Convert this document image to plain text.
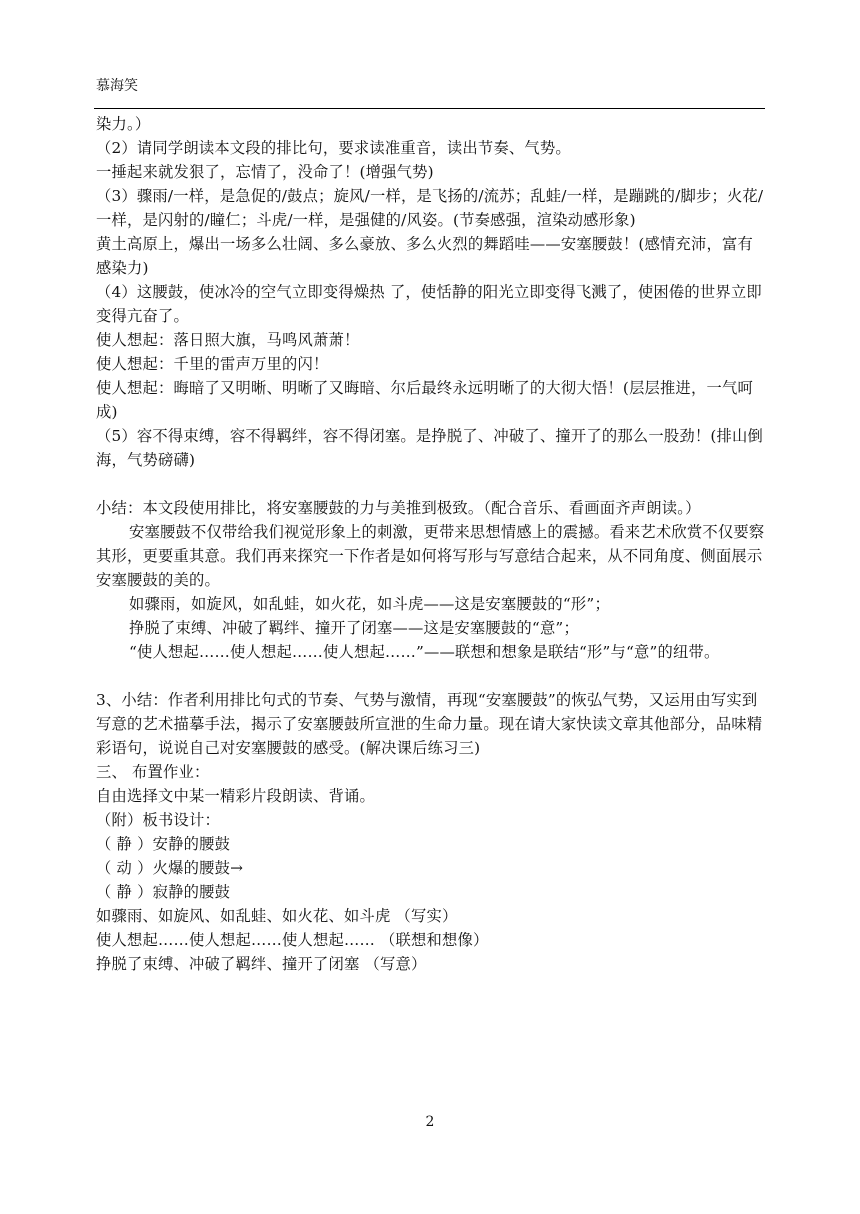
慕海笑

染力。）

（2）请同学朗读本文段的排比句，要求读准重音，读出节奏、气势。

一捶起来就发狠了，忘情了，没命了！(增强气势)

（3）骤雨/一样，是急促的/鼓点；旋风/一样，是飞扬的/流苏；乱蛙/一样，是蹦跳的/脚步；火花/一样，是闪射的/瞳仁；斗虎/一样，是强健的/风姿。(节奏感强，渲染动感形象)

黄土高原上，爆出一场多么壮阔、多么豪放、多么火烈的舞蹈哇——安塞腰鼓！(感情充沛，富有感染力)

（4）这腰鼓，使冰冷的空气立即变得燥热 了，使恬静的阳光立即变得飞溅了，使困倦的世界立即变得亢奋了。

使人想起：落日照大旗，马鸣风萧萧！

使人想起：千里的雷声万里的闪！

使人想起：晦暗了又明晰、明晰了又晦暗、尔后最终永远明晰了的大彻大悟！(层层推进，一气呵成)

（5）容不得束缚，容不得羁绊，容不得闭塞。是挣脱了、冲破了、撞开了的那么一股劲！(排山倒海，气势磅礴)

小结：本文段使用排比，将安塞腰鼓的力与美推到极致。（配合音乐、看画面齐声朗读。）

安塞腰鼓不仅带给我们视觉形象上的刺激，更带来思想情感上的震撼。看来艺术欣赏不仅要察其形，更要重其意。我们再来探究一下作者是如何将写形与写意结合起来，从不同角度、侧面展示安塞腰鼓的美的。

如骤雨，如旋风，如乱蛙，如火花，如斗虎——这是安塞腰鼓的“形”；

挣脱了束缚、冲破了羁绊、撞开了闭塞——这是安塞腰鼓的“意”；

“使人想起……使人想起……使人想起……”——联想和想象是联结“形”与“意”的纽带。

3、小结：作者利用排比句式的节奏、气势与激情，再现“安塞腰鼓”的恢弘气势，又运用由写实到写意的艺术描摹手法，揭示了安塞腰鼓所宣泄的生命力量。现在请大家快读文章其他部分，品味精彩语句，说说自己对安塞腰鼓的感受。(解决课后练习三)

三、 布置作业：

自由选择文中某一精彩片段朗读、背诵。

（附）板书设计：

（ 静 ）安静的腰鼓

（ 动 ）火爆的腰鼓→

（ 静 ）寂静的腰鼓

如骤雨、如旋风、如乱蛙、如火花、如斗虎 （写实）

使人想起……使人想起……使人想起…… （联想和想像）

挣脱了束缚、冲破了羁绊、撞开了闭塞 （写意）

2
